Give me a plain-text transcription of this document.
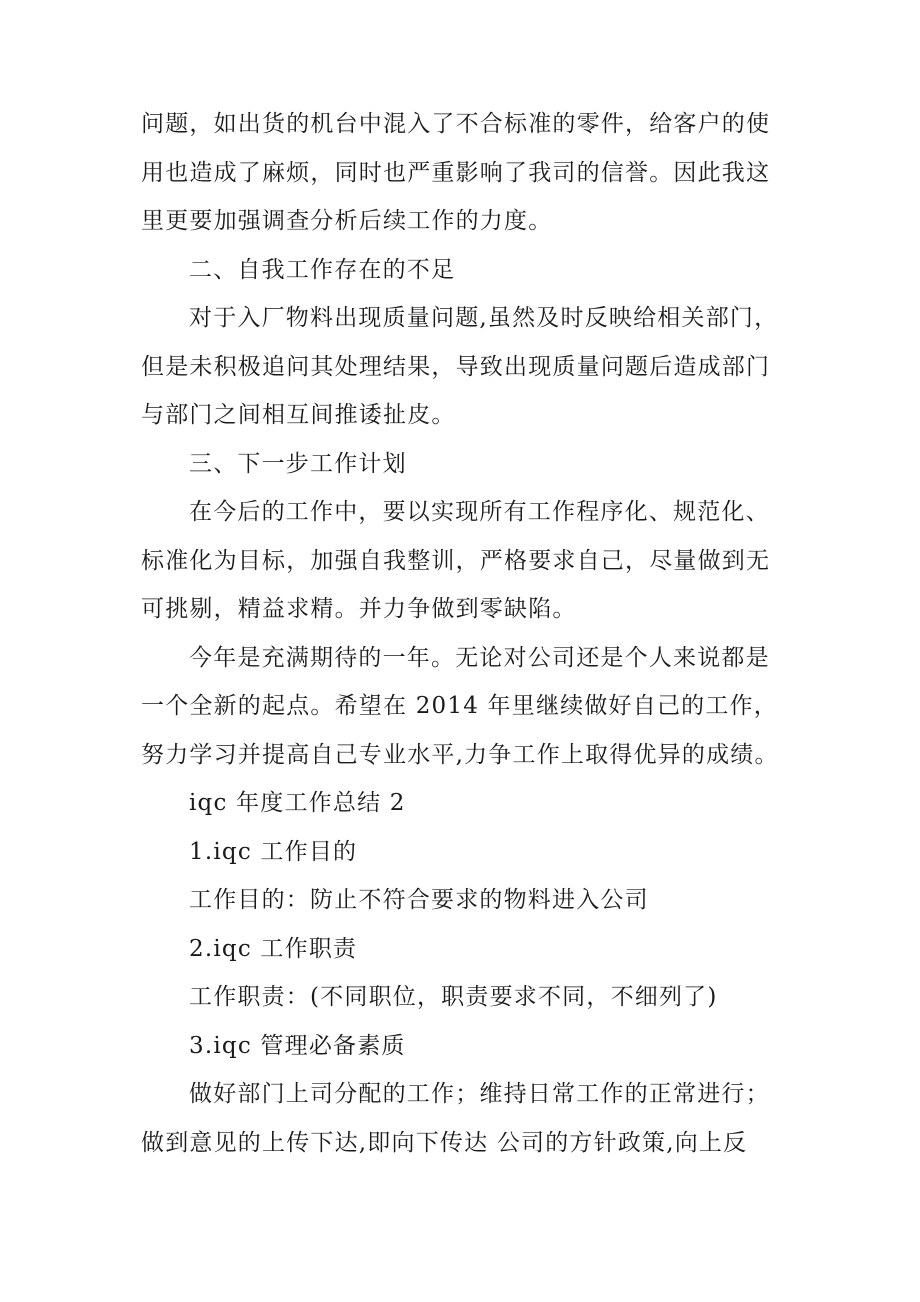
问题，如出货的机台中混入了不合标准的零件，给客户的使
用也造成了麻烦，同时也严重影响了我司的信誉。因此我这
里更要加强调查分析后续工作的力度。
二、自我工作存在的不足
对于入厂物料出现质量问题,虽然及时反映给相关部门，
但是未积极追问其处理结果，导致出现质量问题后造成部门
与部门之间相互间推诿扯皮。
三、下一步工作计划
在今后的工作中，要以实现所有工作程序化、规范化、
标准化为目标，加强自我整训，严格要求自己，尽量做到无
可挑剔，精益求精。并力争做到零缺陷。
今年是充满期待的一年。无论对公司还是个人来说都是
一个全新的起点。希望在 2014 年里继续做好自己的工作，
努力学习并提高自己专业水平,力争工作上取得优异的成绩。
iqc 年度工作总结 2
1.iqc 工作目的
工作目的：防止不符合要求的物料进入公司
2.iqc 工作职责
工作职责：(不同职位，职责要求不同，不细列了)
3.iqc 管理必备素质
做好部门上司分配的工作；维持日常工作的正常进行；
做到意见的上传下达,即向下传达 公司的方针政策,向上反
